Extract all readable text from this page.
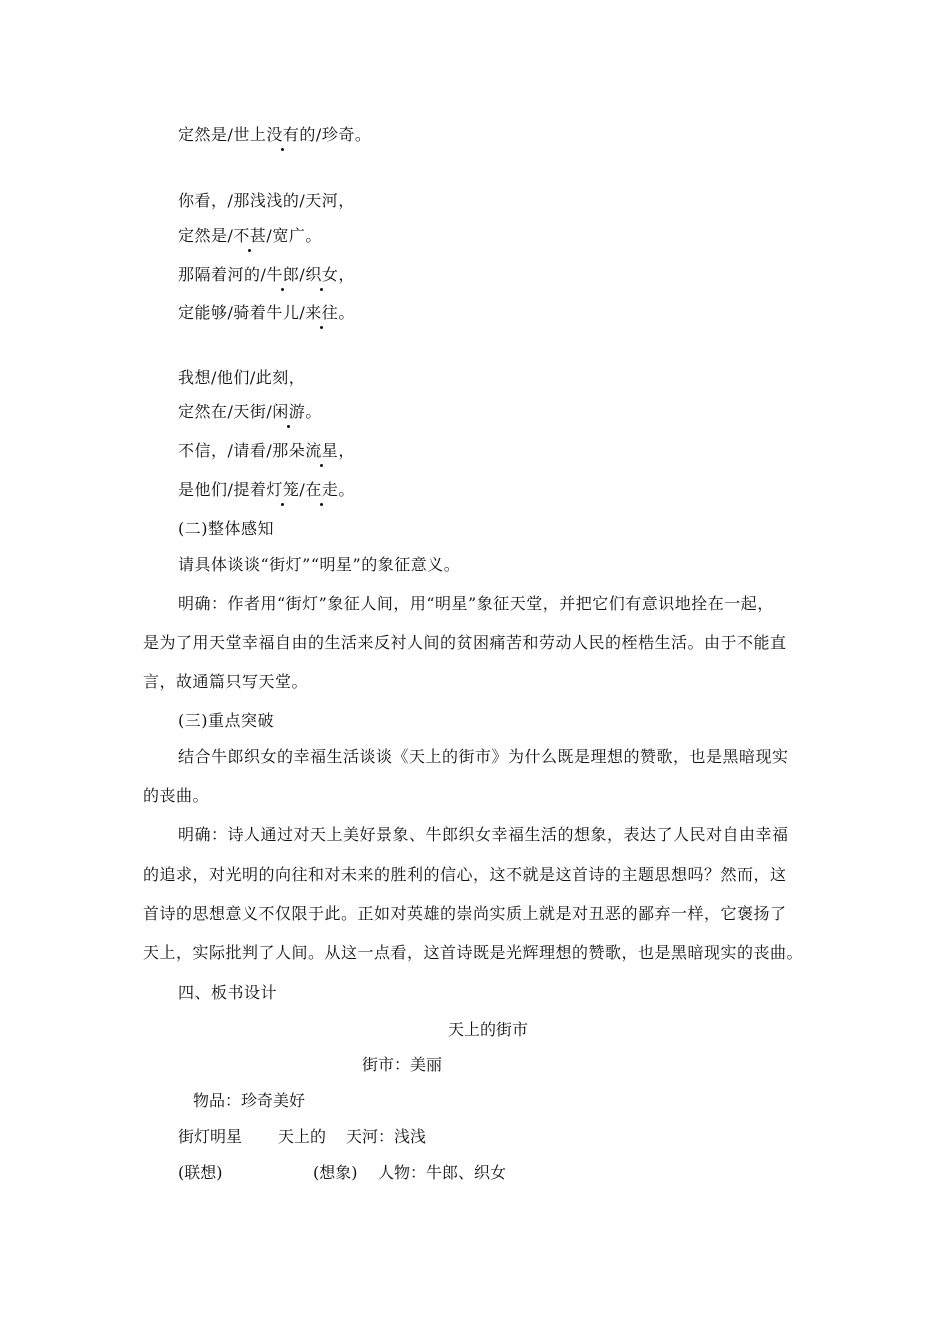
定然是/世上没有的/珍奇。
你看，/那浅浅的/天河，
定然是/不甚/宽广。
那隔着河的/牛郎/织女，
定能够/骑着牛儿/来往。
我想/他们/此刻，
定然在/天街/闲游。
不信，/请看/那朵流星，
是他们/提着灯笼/在走。
(二)整体感知
请具体谈谈“街灯”“明星”的象征意义。
明确：作者用“街灯”象征人间，用“明星”象征天堂，并把它们有意识地拴在一起，
是为了用天堂幸福自由的生活来反衬人间的贫困痛苦和劳动人民的桎梏生活。由于不能直
言，故通篇只写天堂。
(三)重点突破
结合牛郎织女的幸福生活谈谈《天上的街市》为什么既是理想的赞歌，也是黑暗现实
的丧曲。
明确：诗人通过对天上美好景象、牛郎织女幸福生活的想象，表达了人民对自由幸福
的追求，对光明的向往和对未来的胜利的信心，这不就是这首诗的主题思想吗？然而，这
首诗的思想意义不仅限于此。正如对英雄的崇尚实质上就是对丑恶的鄙弃一样，它褒扬了
天上，实际批判了人间。从这一点看，这首诗既是光辉理想的赞歌，也是黑暗现实的丧曲。
四、板书设计
天上的街市
街市：美丽
物品：珍奇美好
街灯明星 天上的 天河：浅浅
(联想)	(想象) 人物：牛郎、织女
